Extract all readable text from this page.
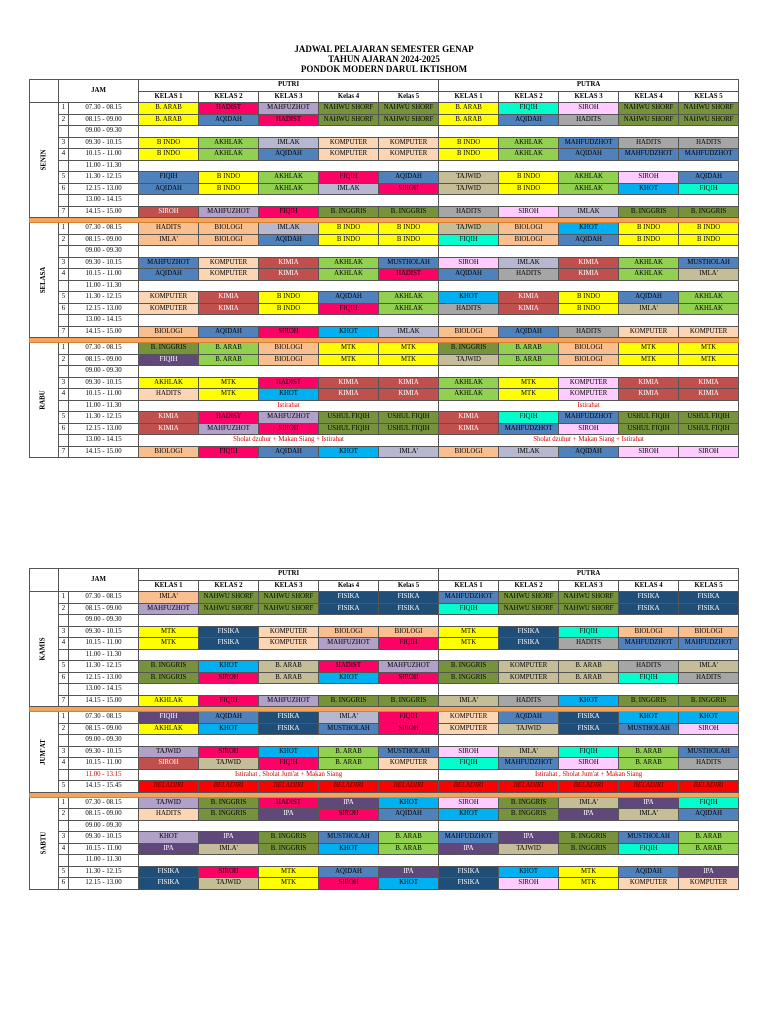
JADWAL PELAJARAN SEMESTER GENAP
TAHUN AJARAN 2024-2025
PONDOK MODERN DARUL IKTISHOM
	JAM		PUTRI					PUTRA				
			KELAS 1	KELAS 2	KELAS 3	Kelas 4	Kelas 5	KELAS 1	KELAS 2	KELAS 3	KELAS 4	KELAS 5
SENIN	1	07.30 - 08.15	B. ARAB	HADIST	MAHFUZHOT	NAHWU SHORF	NAHWU SHORF	B. ARAB	FIQIH	SIROH	NAHWU SHORF	NAHWU SHORF
	2	08.15 - 09.00	B. ARAB	AQIDAH	HADIST	NAHWU SHORF	NAHWU SHORF	B. ARAB	AQIDAH	HADITS	NAHWU SHORF	NAHWU SHORF
		09.00 - 09.30										
	3	09.30 - 10.15	B INDO	AKHLAK	IMLAK	KOMPUTER	KOMPUTER	B INDO	AKHLAK	MAHFUDZHOT	HADITS	HADITS
	4	10.15 - 11.00	B INDO	AKHLAK	AQIDAH	KOMPUTER	KOMPUTER	B INDO	AKHLAK	AQIDAH	MAHFUDZHOT	MAHFUDZHOT
		11.00 - 11.30										
	5	11.30 - 12.15	FIQIH	B INDO	AKHLAK	FIQIH	AQIDAH	TAJWID	B INDO	AKHLAK	SIROH	AQIDAH
	6	12.15 - 13.00	AQIDAH	B INDO	AKHLAK	IMLAK	SIROH	TAJWID	B INDO	AKHLAK	KHOT	FIQIH
		13.00 - 14.15										
	7	14.15 - 15.00	SIROH	MAHFUZHOT	FIQIH	B. INGGRIS	B. INGGRIS	HADITS	SIROH	IMLAK	B. INGGRIS	B. INGGRIS

SELASA	1	07.30 - 08.15	HADITS	BIOLOGI	IMLAK	B INDO	B INDO	TAJWID	BIOLOGI	KHOT	B INDO	B INDO
	2	08.15 - 09.00	IMLA'	BIOLOGI	AQIDAH	B INDO	B INDO	FIQIH	BIOLOGI	AQIDAH	B INDO	B INDO
		09.00 - 09.30										
	3	09.30 - 10.15	MAHFUZHOT	KOMPUTER	KIMIA	AKHLAK	MUSTHOLAH	SIROH	IMLAK	KIMIA	AKHLAK	MUSTHOLAH
	4	10.15 - 11.00	AQIDAH	KOMPUTER	KIMIA	AKHLAK	HADIST	AQIDAH	HADITS	KIMIA	AKHLAK	IMLA'
		11.00 - 11.30										
	5	11.30 - 12.15	KOMPUTER	KIMIA	B INDO	AQIDAH	AKHLAK	KHOT	KIMIA	B INDO	AQIDAH	AKHLAK
	6	12.15 - 13.00	KOMPUTER	KIMIA	B INDO	FIQIH	AKHLAK	HADITS	KIMIA	B INDO	IMLA'	AKHLAK
		13.00 - 14.15										
	7	14.15 - 15.00	BIOLOGI	AQIDAH	SIROH	KHOT	IMLAK	BIOLOGI	AQIDAH	HADITS	KOMPUTER	KOMPUTER

RABU	1	07.30 - 08.15	B. INGGRIS	B. ARAB	BIOLOGI	MTK	MTK	B. INGGRIS	B. ARAB	BIOLOGI	MTK	MTK
	2	08.15 - 09.00	FIQIH	B. ARAB	BIOLOGI	MTK	MTK	TAJWID	B. ARAB	BIOLOGI	MTK	MTK
		09.00 - 09.30										
	3	09.30 - 10.15	AKHLAK	MTK	HADIST	KIMIA	KIMIA	AKHLAK	MTK	KOMPUTER	KIMIA	KIMIA
	4	10.15 - 11.00	HADITS	MTK	KHOT	KIMIA	KIMIA	AKHLAK	MTK	KOMPUTER	KIMIA	KIMIA
		11.00 - 11.30	Istirahat					Istirahat				
	5	11.30 - 12.15	KIMIA	HADIST	MAHFUZHOT	USHUL FIQIH	USHUL FIQIH	KIMIA	FIQIH	MAHFUDZHOT	USHUL FIQIH	USHUL FIQIH
	6	12.15 - 13.00	KIMIA	MAHFUZHOT	SIROH	USHUL FIQIH	USHUL FIQIH	KIMIA	MAHFUDZHOT	SIROH	USHUL FIQIH	USHUL FIQIH
		13.00 - 14.15	Sholat dzuhur + Makan Siang + Istirahat					Sholat dzuhur + Makan Siang + Istirahat				
	7	14.15 - 15.00	BIOLOGI	FIQIH	AQIDAH	KHOT	IMLA'	BIOLOGI	IMLAK	AQIDAH	SIROH	SIROH
	JAM		PUTRI					PUTRA				
			KELAS 1	KELAS 2	KELAS 3	Kelas 4	Kelas 5	KELAS 1	KELAS 2	KELAS 3	KELAS 4	KELAS 5
KAMIS	1	07.30 - 08.15	IMLA'	NAHWU SHORF	NAHWU SHORF	FISIKA	FISIKA	MAHFUDZHOT	NAHWU SHORF	NAHWU SHORF	FISIKA	FISIKA
	2	08.15 - 09.00	MAHFUZHOT	NAHWU SHORF	NAHWU SHORF	FISIKA	FISIKA	FIQIH	NAHWU SHORF	NAHWU SHORF	FISIKA	FISIKA
		09.00 - 09.30										
	3	09.30 - 10.15	MTK	FISIKA	KOMPUTER	BIOLOGI	BIOLOGI	MTK	FISIKA	FIQIH	BIOLOGI	BIOLOGI
	4	10.15 - 11.00	MTK	FISIKA	KOMPUTER	MAHFUZHOT	FIQIH	MTK	FISIKA	HADITS	MAHFUDZHOT	MAHFUDZHOT
		11.00 - 11.30										
	5	11.30 - 12.15	B. INGGRIS	KHOT	B. ARAB	HADIST	MAHFUZHOT	B. INGGRIS	KOMPUTER	B. ARAB	HADITS	IMLA'
	6	12.15 - 13.00	B. INGGRIS	SIROH	B. ARAB	KHOT	SIROH	B. INGGRIS	KOMPUTER	B. ARAB	FIQIH	HADITS
		13.00 - 14.15										
	7	14.15 - 15.00	AKHLAK	FIQIH	MAHFUZHOT	B. INGGRIS	B. INGGRIS	IMLA'	HADITS	KHOT	B. INGGRIS	B. INGGRIS

JUM'AT	1	07.30 - 08.15	FIQIH	AQIDAH	FISIKA	IMLA'	FIQIH	KOMPUTER	AQIDAH	FISIKA	KHOT	KHOT
	2	08.15 - 09.00	AKHLAK	KHOT	FISIKA	MUSTHOLAH	SIROH	KOMPUTER	TAJWID	FISIKA	MUSTHOLAH	SIROH
		09.00 - 09.30										
	3	09.30 - 10.15	TAJWID	SIROH	KHOT	B. ARAB	MUSTHOLAH	SIROH	IMLA'	FIQIH	B. ARAB	MUSTHOLAH
	4	10.15 - 11.00	SIROH	TAJWID	FIQIH	B. ARAB	KOMPUTER	FIQIH	MAHFUDZHOT	SIROH	B. ARAB	HADITS
		11.00 - 13.15	Istirahat , Sholat Jum'at + Makan Siang					Istirahat , Sholat Jum'at + Makan Siang				
	5	14.15 - 15.45	BELADIRI	BELADIRI	BELADIRI	BELADIRI	BELADIRI	BELADIRI	BELADIRI	BELADIRI	BELADIRI	BELADIRI

SABTU	1	07.30 - 08.15	TAJWID	B. INGGRIS	HADIST	IPA	KHOT	SIROH	B. INGGRIS	IMLA'	IPA	FIQIH
	2	08.15 - 09.00	HADITS	B. INGGRIS	IPA	SIROH	AQIDAH	KHOT	B. INGGRIS	IPA	IMLA'	AQIDAH
		09.00 - 09.30										
	3	09.30 - 10.15	KHOT	IPA	B. INGGRIS	MUSTHOLAH	B. ARAB	MAHFUDZHOT	IPA	B. INGGRIS	MUSTHOLAH	B. ARAB
	4	10.15 - 11.00	IPA	IMLA'	B. INGGRIS	KHOT	B. ARAB	IPA	TAJWID	B. INGGRIS	FIQIH	B. ARAB
		11.00 - 11.30										
	5	11.30 - 12.15	FISIKA	SIROH	MTK	AQIDAH	IPA	FISIKA	KHOT	MTK	AQIDAH	IPA
	6	12.15 - 13.00	FISIKA	TAJWID	MTK	SIROH	KHOT	FISIKA	SIROH	MTK	KOMPUTER	KOMPUTER
